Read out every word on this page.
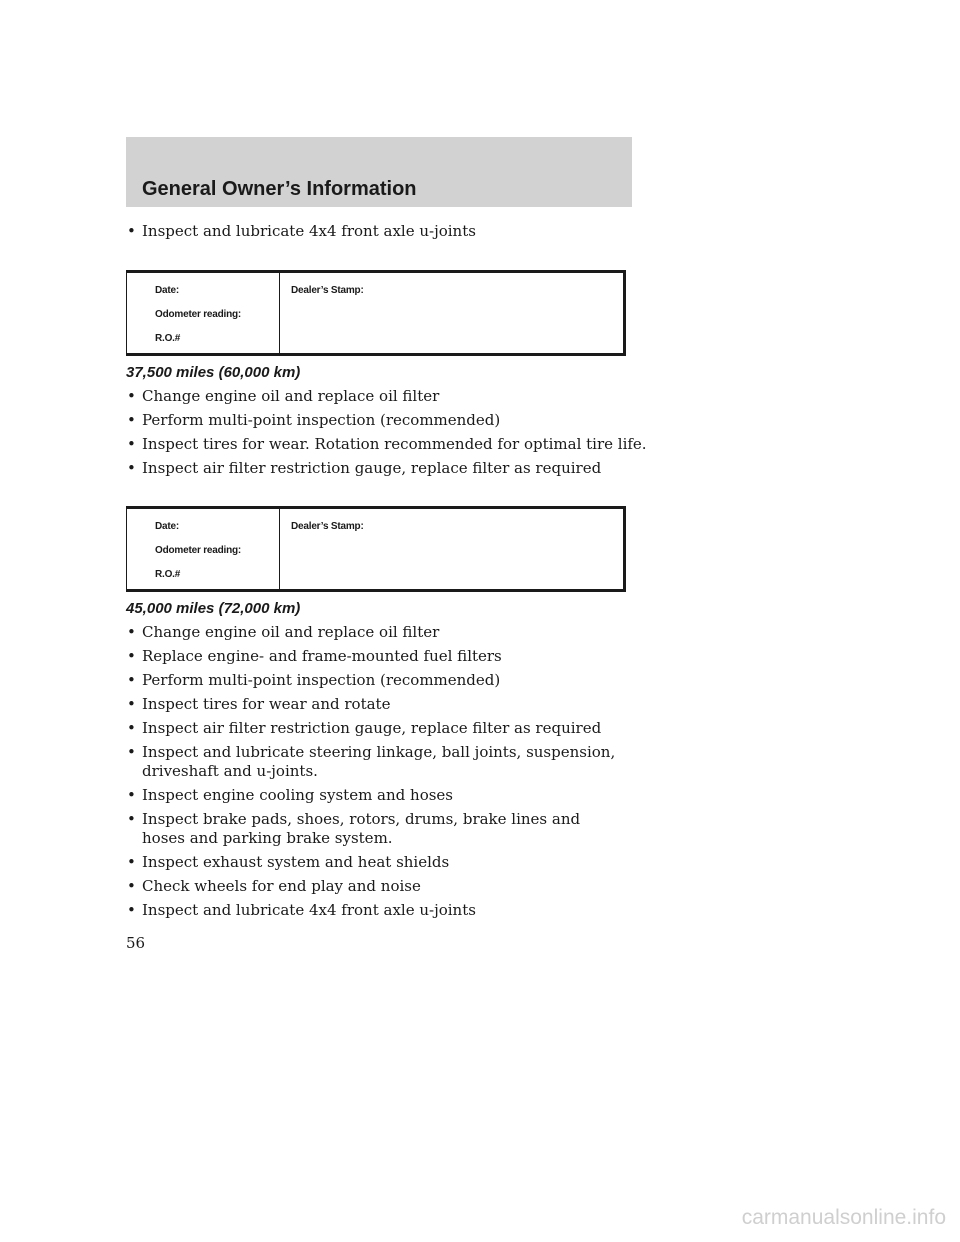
General Owner’s Information
• Inspect and lubricate 4x4 front axle u-joints
Date:
Odometer reading:
R.O.#
Dealer’s Stamp:
37,500 miles (60,000 km)
• Change engine oil and replace oil filter
• Perform multi-point inspection (recommended)
• Inspect tires for wear. Rotation recommended for optimal tire life.
• Inspect air filter restriction gauge, replace filter as required
Date:
Odometer reading:
R.O.#
Dealer’s Stamp:
45,000 miles (72,000 km)
• Change engine oil and replace oil filter
• Replace engine- and frame-mounted fuel filters
• Perform multi-point inspection (recommended)
• Inspect tires for wear and rotate
• Inspect air filter restriction gauge, replace filter as required
• Inspect and lubricate steering linkage, ball joints, suspension, driveshaft and u-joints.
• Inspect engine cooling system and hoses
• Inspect brake pads, shoes, rotors, drums, brake lines and hoses and parking brake system.
• Inspect exhaust system and heat shields
• Check wheels for end play and noise
• Inspect and lubricate 4x4 front axle u-joints
56
carmanualsonline.info
